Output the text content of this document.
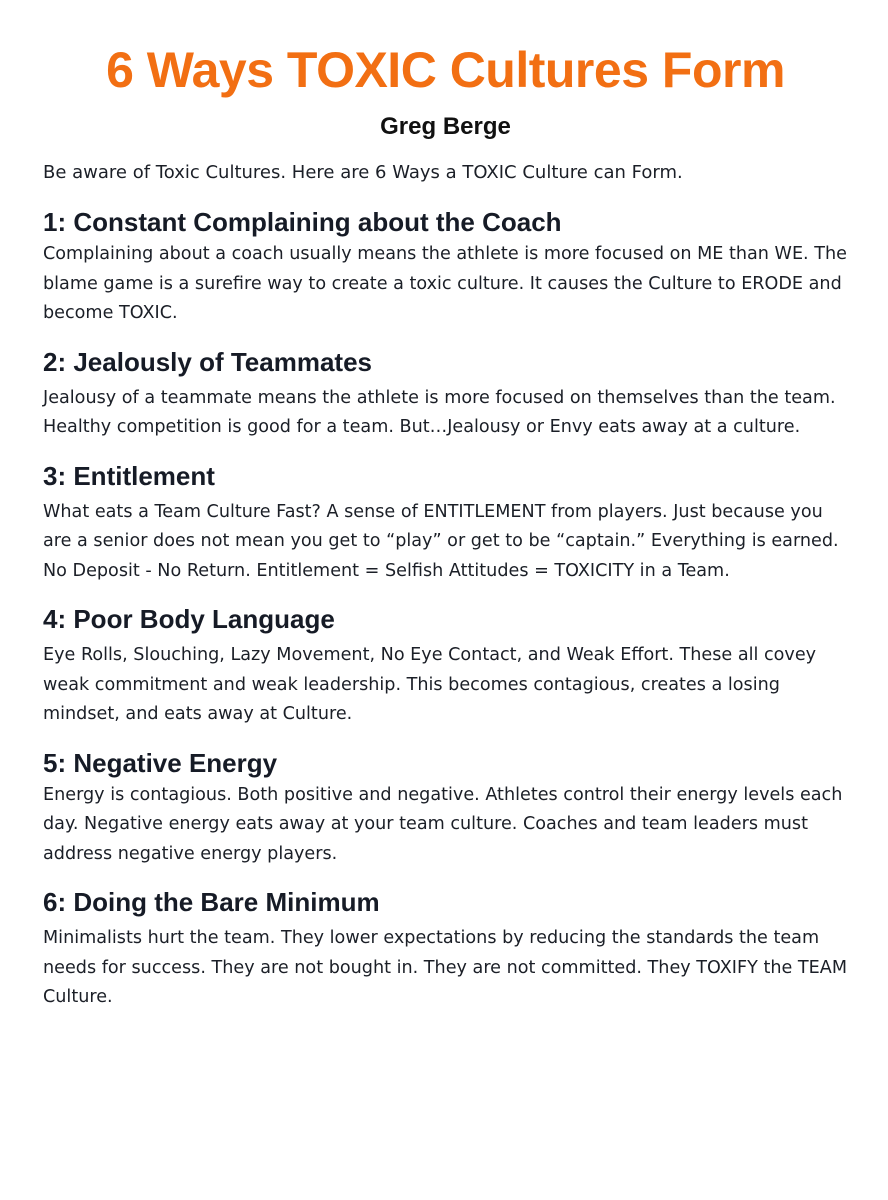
6 Ways TOXIC Cultures Form
Greg Berge

Be aware of Toxic Cultures. Here are 6 Ways a TOXIC Culture can Form.

1: Constant Complaining about the Coach

Complaining about a coach usually means the athlete is more focused on ME than WE. The blame game is a surefire way to create a toxic culture. It causes the Culture to ERODE and become TOXIC.

2: Jealously of Teammates

Jealousy of a teammate means the athlete is more focused on themselves than the team. Healthy competition is good for a team. But…Jealousy or Envy eats away at a culture.

3: Entitlement

What eats a Team Culture Fast? A sense of ENTITLEMENT from players. Just because you are a senior does not mean you get to “play” or get to be “captain.” Everything is earned. No Deposit - No Return. Entitlement = Selfish Attitudes = TOXICITY in a Team.

4: Poor Body Language

Eye Rolls, Slouching, Lazy Movement, No Eye Contact, and Weak Effort. These all covey weak commitment and weak leadership. This becomes contagious, creates a losing mindset, and eats away at Culture.

5: Negative Energy

Energy is contagious. Both positive and negative. Athletes control their energy levels each day. Negative energy eats away at your team culture. Coaches and team leaders must address negative energy players.

6: Doing the Bare Minimum

Minimalists hurt the team. They lower expectations by reducing the standards the team needs for success. They are not bought in. They are not committed. They TOXIFY the TEAM Culture.
